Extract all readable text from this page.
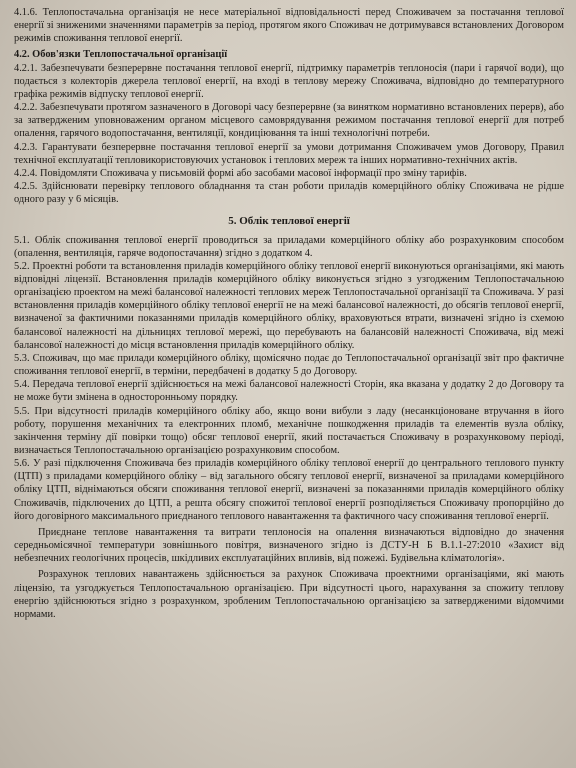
4.1.6. Теплопостачальна організація не несе матеріальної відповідальності перед Споживачем за постачання теплової енергії зі зниженими значеннями параметрів за період, протягом якого Споживач не дотримувався встановлених Договором режимів споживання теплової енергії.

4.2. Обов'язки Теплопостачальної організації

4.2.1. Забезпечувати безперервне постачання теплової енергії, підтримку параметрів теплоносія (пари і гарячої води), що подається з колекторів джерела теплової енергії, на вході в теплову мережу Споживача, відповідно до температурного графіка режимів відпуску теплової енергії.

4.2.2. Забезпечувати протягом зазначеного в Договорі часу безперервне (за винятком нормативно встановлених перерв), або за затвердженим уповноваженим органом місцевого самоврядування режимом постачання теплової енергії для потреб опалення, гарячого водопостачання, вентиляції, кондиціювання та інші технологічні потреби.

4.2.3. Гарантувати безперервне постачання теплової енергії за умови дотримання Споживачем умов Договору, Правил технічної експлуатації тепловикористовуючих установок і теплових мереж та інших нормативно-технічних актів.

4.2.4. Повідомляти Споживача у письмовій формі або засобами масової інформації про зміну тарифів.

4.2.5. Здійснювати перевірку теплового обладнання та стан роботи приладів комерційного обліку Споживача не рідше одного разу у 6 місяців.

5. Облік теплової енергії

5.1. Облік споживання теплової енергії проводиться за приладами комерційного обліку або розрахунковим способом (опалення, вентиляція, гаряче водопостачання) згідно з додатком 4.

5.2. Проектні роботи та встановлення приладів комерційного обліку теплової енергії виконуються організаціями, які мають відповідні ліцензії. Встановлення приладів комерційного обліку виконується згідно з узгодженим Теплопостачальною організацією проектом на межі балансової належності теплових мереж Теплопостачальної організації та Споживача. У разі встановлення приладів комерційного обліку теплової енергії не на межі балансової належності, до обсягів теплової енергії, визначеної за фактичними показаннями приладів комерційного обліку, враховуються втрати, визначені згідно із схемою балансової належності на дільницях теплової мережі, що перебувають на балансовій належності Споживача, від межі балансової належності до місця встановлення приладів комерційного обліку.

5.3. Споживач, що має прилади комерційного обліку, щомісячно подає до Теплопостачальної організації звіт про фактичне споживання теплової енергії, в терміни, передбачені в додатку 5 до Договору.

5.4. Передача теплової енергії здійснюється на межі балансової належності Сторін, яка вказана у додатку 2 до Договору та не може бути змінена в односторонньому порядку.

5.5. При відсутності приладів комерційного обліку або, якщо вони вибули з ладу (несанкціоноване втручання в його роботу, порушення механічних та електронних пломб, механічне пошкодження приладів та елементів вузла обліку, закінчення терміну дії повірки тощо) обсяг теплової енергії, який постачається Споживачу в розрахунковому періоді, визначається Теплопостачальною організацією розрахунковим способом.

5.6. У разі підключення Споживача без приладів комерційного обліку теплової енергії до центрального теплового пункту (ЦТП) з приладами комерційного обліку – від загального обсягу теплової енергії, визначеної за приладами комерційного обліку ЦТП, віднімаються обсяги споживання теплової енергії, визначені за показаннями приладів комерційного обліку Споживачів, підключених до ЦТП, а решта обсягу спожитої теплової енергії розподіляється Споживачу пропорційно до його договірного максимального приєднаного теплового навантаження та фактичного часу споживання теплової енергії.

Приєднане теплове навантаження та витрати теплоносія на опалення визначаються відповідно до значення середньомісячної температури зовнішнього повітря, визначеного згідно із ДСТУ-Н Б В.1.1-27:2010 «Захист від небезпечних геологічних процесів, шкідливих експлуатаційних впливів, від пожежі. Будівельна кліматологія».

Розрахунок теплових навантажень здійснюється за рахунок Споживача проектними організаціями, які мають ліцензію, та узгоджується Теплопостачальною організацією. При відсутності цього, нарахування за спожиту теплову енергію здійснюються згідно з розрахунком, зробленим Теплопостачальною організацією за затвердженими відомчими нормами.
